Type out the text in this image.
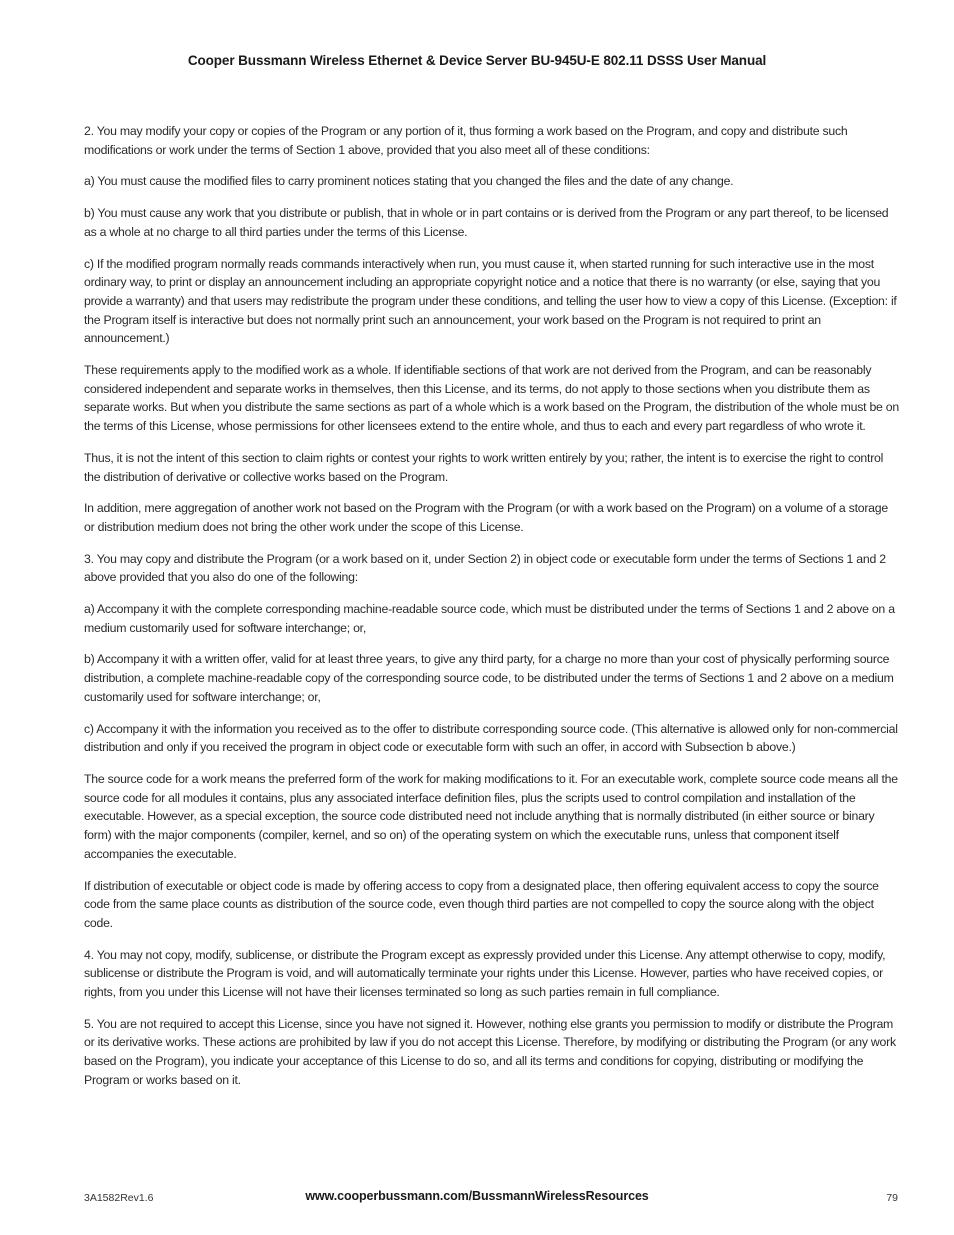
Cooper Bussmann Wireless Ethernet & Device Server BU-945U-E 802.11 DSSS User Manual

2. You may modify your copy or copies of the Program or any portion of it, thus forming a work based on the Program, and copy and distribute such modifications or work under the terms of Section 1 above, provided that you also meet all of these conditions:

a) You must cause the modified files to carry prominent notices stating that you changed the files and the date of any change.

b) You must cause any work that you distribute or publish, that in whole or in part contains or is derived from the Program or any part thereof, to be licensed as a whole at no charge to all third parties under the terms of this License.

c) If the modified program normally reads commands interactively when run, you must cause it, when started running for such interactive use in the most ordinary way, to print or display an announcement including an appropriate copyright notice and a notice that there is no warranty (or else, saying that you provide a warranty) and that users may redistribute the program under these conditions, and telling the user how to view a copy of this License. (Exception: if the Program itself is interactive but does not normally print such an announcement, your work based on the Program is not required to print an announcement.)

These requirements apply to the modified work as a whole. If identifiable sections of that work are not derived from the Program, and can be reasonably considered independent and separate works in themselves, then this License, and its terms, do not apply to those sections when you distribute them as separate works. But when you distribute the same sections as part of a whole which is a work based on the Program, the distribution of the whole must be on the terms of this License, whose permissions for other licensees extend to the entire whole, and thus to each and every part regardless of who wrote it.

Thus, it is not the intent of this section to claim rights or contest your rights to work written entirely by you; rather, the intent is to exercise the right to control the distribution of derivative or collective works based on the Program.

In addition, mere aggregation of another work not based on the Program with the Program (or with a work based on the Program) on a volume of a storage or distribution medium does not bring the other work under the scope of this License.

3. You may copy and distribute the Program (or a work based on it, under Section 2) in object code or executable form under the terms of Sections 1 and 2 above provided that you also do one of the following:

a) Accompany it with the complete corresponding machine-readable source code, which must be distributed under the terms of Sections 1 and 2 above on a medium customarily used for software interchange; or,

b) Accompany it with a written offer, valid for at least three years, to give any third party, for a charge no more than your cost of physically performing source distribution, a complete machine-readable copy of the corresponding source code, to be distributed under the terms of Sections 1 and 2 above on a medium customarily used for software interchange; or,

c) Accompany it with the information you received as to the offer to distribute corresponding source code. (This alternative is allowed only for non-commercial distribution and only if you received the program in object code or executable form with such an offer, in accord with Subsection b above.)

The source code for a work means the preferred form of the work for making modifications to it. For an executable work, complete source code means all the source code for all modules it contains, plus any associated interface definition files, plus the scripts used to control compilation and installation of the executable. However, as a special exception, the source code distributed need not include anything that is normally distributed (in either source or binary form) with the major components (compiler, kernel, and so on) of the operating system on which the executable runs, unless that component itself accompanies the executable.

If distribution of executable or object code is made by offering access to copy from a designated place, then offering equivalent access to copy the source code from the same place counts as distribution of the source code, even though third parties are not compelled to copy the source along with the object code.

4. You may not copy, modify, sublicense, or distribute the Program except as expressly provided under this License. Any attempt otherwise to copy, modify, sublicense or distribute the Program is void, and will automatically terminate your rights under this License. However, parties who have received copies, or rights, from you under this License will not have their licenses terminated so long as such parties remain in full compliance.

5. You are not required to accept this License, since you have not signed it. However, nothing else grants you permission to modify or distribute the Program or its derivative works. These actions are prohibited by law if you do not accept this License. Therefore, by modifying or distributing the Program (or any work based on the Program), you indicate your acceptance of this License to do so, and all its terms and conditions for copying, distributing or modifying the Program or works based on it.

3A1582Rev1.6	www.cooperbussmann.com/BussmannWirelessResources	79
